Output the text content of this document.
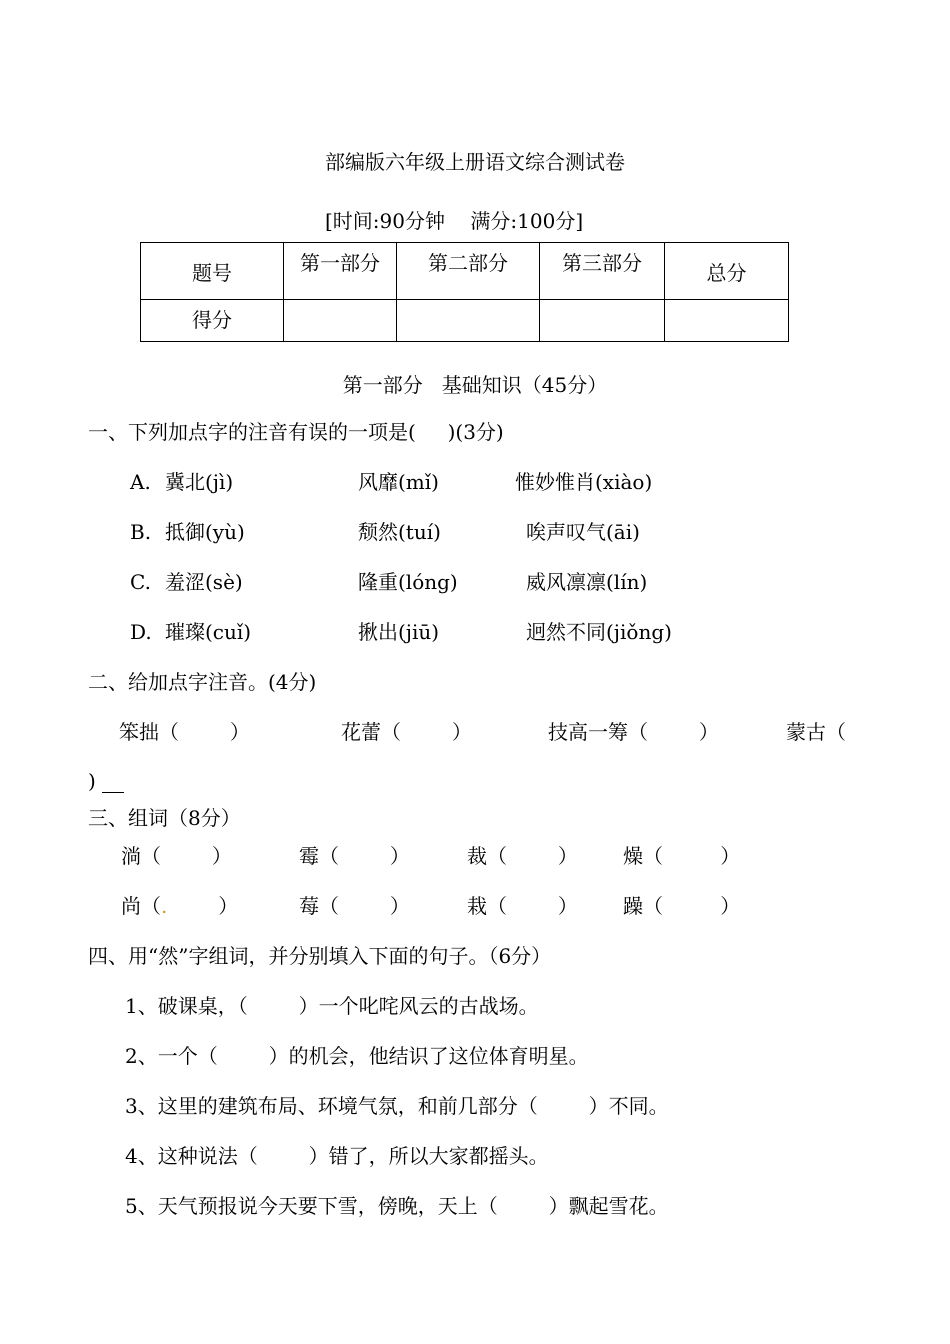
部编版六年级上册语文综合测试卷
[时间:90分钟    满分:100分]
题号	第一部分	第二部分	第三部分	总分
得分				
第一部分   基础知识（45分）
一、下列加点字的注音有误的一项是(     )(3分)
A. 冀北(jì)	风靡(mǐ)	惟妙惟肖(xiào)
B. 抵御(yù)	颓然(tuí)	唉声叹气(āi)
C. 羞涩(sè)	隆重(lóng)	威风凛凛(lín)
D. 璀璨(cuǐ)	揪出(jiū)	迥然不同(jiǒng)
二、给加点字注音。(4分)
笨拙（        ）	花蕾（        ）	技高一筹（        ）	蒙古（
)
三、组词（8分）
淌（        ）	霉（        ）	裁（        ） 燥（         ）
尚（.        ）	莓（        ）	栽（        ） 躁（         ）
四、用“然”字组词，并分别填入下面的句子。（6分）
1、破课桌，（        ）一个叱咤风云的古战场。
2、一个（        ）的机会，他结识了这位体育明星。
3、这里的建筑布局、环境气氛，和前几部分（        ）不同。
4、这种说法（        ）错了，所以大家都摇头。
5、天气预报说今天要下雪，傍晚，天上（        ）飘起雪花。
